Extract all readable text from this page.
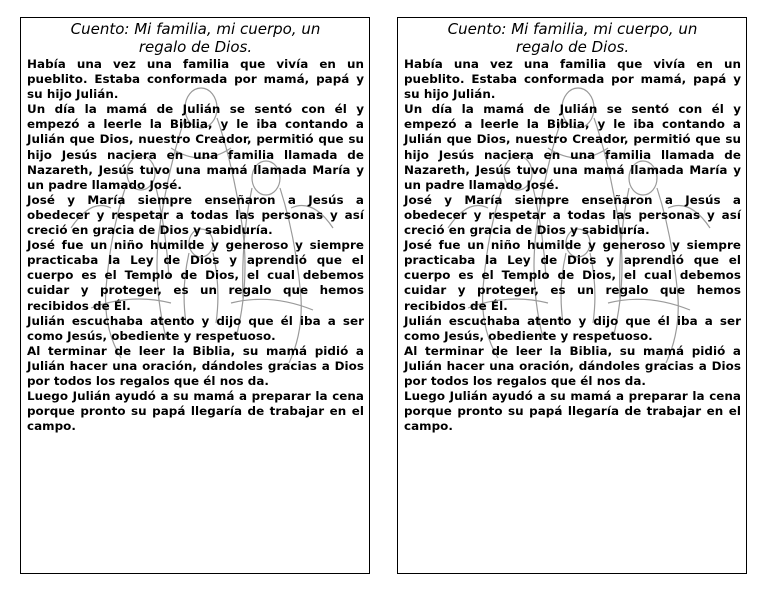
Cuento: Mi familia, mi cuerpo, un
regalo de Dios.

Había una vez una familia que vivía en un pueblito. Estaba conformada por mamá, papá y su hijo Julián.

Un día la mamá de Julián se sentó con él y empezó a leerle la Biblia, y le iba contando a Julián que Dios, nuestro Creador, permitió que su hijo Jesús naciera en una familia llamada de Nazareth, Jesús tuvo una mamá llamada María y un padre llamado José.

José y María siempre enseñaron a Jesús a obedecer y respetar a todas las personas y así creció en gracia de Dios y sabiduría.

José fue un niño humilde y generoso y siempre practicaba la Ley de Dios y aprendió que el cuerpo es el Templo de Dios, el cual debemos cuidar y proteger, es un regalo que hemos recibidos de Él.

Julián escuchaba atento y dijo que él iba a ser como Jesús, obediente y respetuoso.

Al terminar de leer la Biblia, su mamá pidió a Julián hacer una oración, dándoles gracias a Dios por todos los regalos que él nos da.

Luego Julián ayudó a su mamá a preparar la cena porque pronto su papá llegaría de trabajar en el campo.

Cuento: Mi familia, mi cuerpo, un
regalo de Dios.

Había una vez una familia que vivía en un pueblito. Estaba conformada por mamá, papá y su hijo Julián.

Un día la mamá de Julián se sentó con él y empezó a leerle la Biblia, y le iba contando a Julián que Dios, nuestro Creador, permitió que su hijo Jesús naciera en una familia llamada de Nazareth, Jesús tuvo una mamá llamada María y un padre llamado José.

José y María siempre enseñaron a Jesús a obedecer y respetar a todas las personas y así creció en gracia de Dios y sabiduría.

José fue un niño humilde y generoso y siempre practicaba la Ley de Dios y aprendió que el cuerpo es el Templo de Dios, el cual debemos cuidar y proteger, es un regalo que hemos recibidos de Él.

Julián escuchaba atento y dijo que él iba a ser como Jesús, obediente y respetuoso.

Al terminar de leer la Biblia, su mamá pidió a Julián hacer una oración, dándoles gracias a Dios por todos los regalos que él nos da.

Luego Julián ayudó a su mamá a preparar la cena porque pronto su papá llegaría de trabajar en el campo.
